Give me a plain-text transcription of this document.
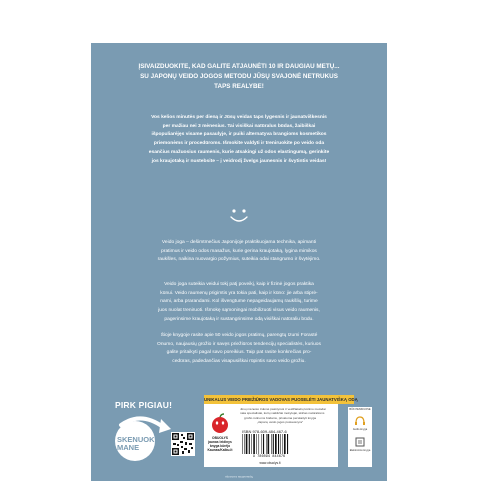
ĮSIVAIZDUOKITE, KAD GALITE ATJAUNĖTI 10 IR DAUGIAU METŲ...
SU JAPONŲ VEIDO JOGOS METODU JŪSŲ SVAJONĖ NETRUKUS
TAPS REALYBE!
Vos kelios minutės per dieną ir Jūsų veidas taps lygesnis ir jaunatviškesnis
per mažiau nei 3 mėnesius. Tai visiškai natūralus būdas, žaibiškai
išpopuliarėjęs visame pasaulyje, ir puiki alternatyva brangioms kosmetikos
priemonėms ir procedūroms. Išmokite valdyti ir treniruokite po veido oda
esančius mažuosius raumenis, kurie atsakingi už odos elastingumą, gerinkite
jos kraujotaką ir nustebsite – į veidrodį žvelgs jaunesnis ir švytintis veidas!
Veido joga – dešimtmečius Japonijoje praktikuojama technika, apimanti
pratimus ir veido odos masažus, kurie gerina kraujotaką, lygina mimikos
raukšles, naikina nuovargio požymius, suteikia odai stangrumo ir švytėjimo.
Veido joga suteikia veidui tokį patį poveikį, kaip ir fizinė jogos praktika
kūnui. Veido raumenų prigimtis yra tokia pati, kaip ir kūno: jie arba stiprė-
nami, arba prarandami. Kol išvengtume nepageidaujamų raukšlių, turime
juos nuolat treniruoti. Išmokę sąmoningai mobilizuoti visus veido raumenis,
pagerinsime kraujotaką ir sustangrinsime odą visiškai natūraliu būdu.
Šioje knygoje rasite apie 50 veido jogos pratimų, parengtų Izumi Forasté
Onumo, naujausių grožio ir savęs priežiūros tendencijų specialistės, kuriuos
galite pritaikyti pagal savo poreikius. Taip pat rasite konkrečias pro-
cedūras, padedančias visapusiškai rūpintis savo veido grožiu.
PIRK PIGIAU!
SKENUOK
MANE
UNIKALUS VEIDO PRIEŽIŪROS VADOVAS PUOSELĖTI JAUNATVIŠKĄ ODĄ
OBUOLYS
jaunas leidinys
knyga kūrėjo
Kaunas/Kalbu.lt
Jūsų mėnesio trukmė pasinyrusi ir veidžiakelių kūrimo metodai
nata specialistai, kurių vaikščiai mokytojai, skirtas natūralioms
grožio rutinoms būdams, privaloma perskaityti knyga
„Japonų veido jogos pusiausvyra"
ISBN 978-609-484-467-6
9 786094 844676
www.obuolys.lt
BŪK PENKIUOSE
Audio knyga
Elektroninė knyga
Spausdinta Lietuvoje
